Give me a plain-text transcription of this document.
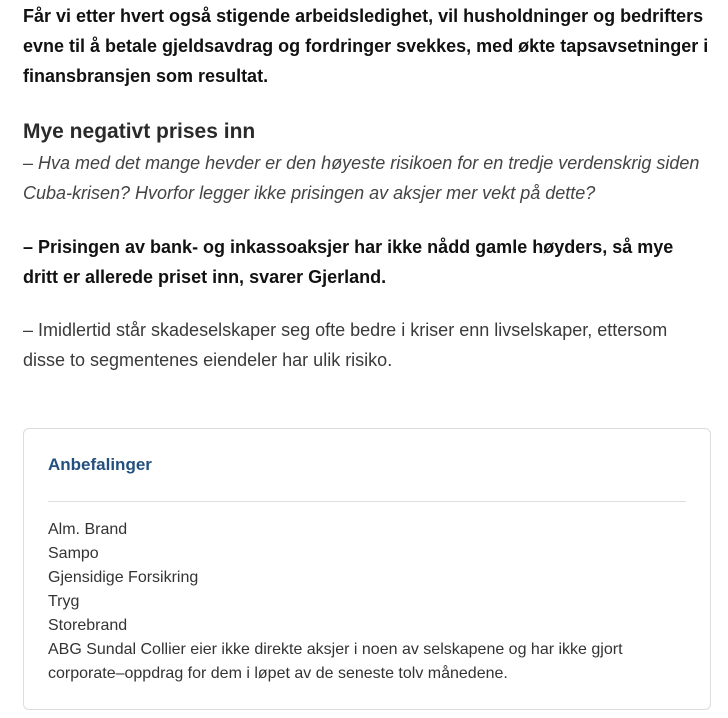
Får vi etter hvert også stigende arbeidsledighet, vil husholdninger og bedrifters evne til å betale gjeldsavdrag og fordringer svekkes, med økte tapsavsetninger i finansbransjen som resultat.

Mye negativt prises inn

– Hva med det mange hevder er den høyeste risikoen for en tredje verdenskrig siden Cuba-krisen? Hvorfor legger ikke prisingen av aksjer mer vekt på dette?

– Prisingen av bank- og inkassoaksjer har ikke nådd gamle høyders, så mye dritt er allerede priset inn, svarer Gjerland.

– Imidlertid står skadeselskaper seg ofte bedre i kriser enn livselskaper, ettersom disse to segmentenes eiendeler har ulik risiko.

Anbefalinger
Alm. Brand
Sampo
Gjensidige Forsikring
Tryg
Storebrand

ABG Sundal Collier eier ikke direkte aksjer i noen av selskapene og har ikke gjort corporate–oppdrag for dem i løpet av de seneste tolv månedene.
